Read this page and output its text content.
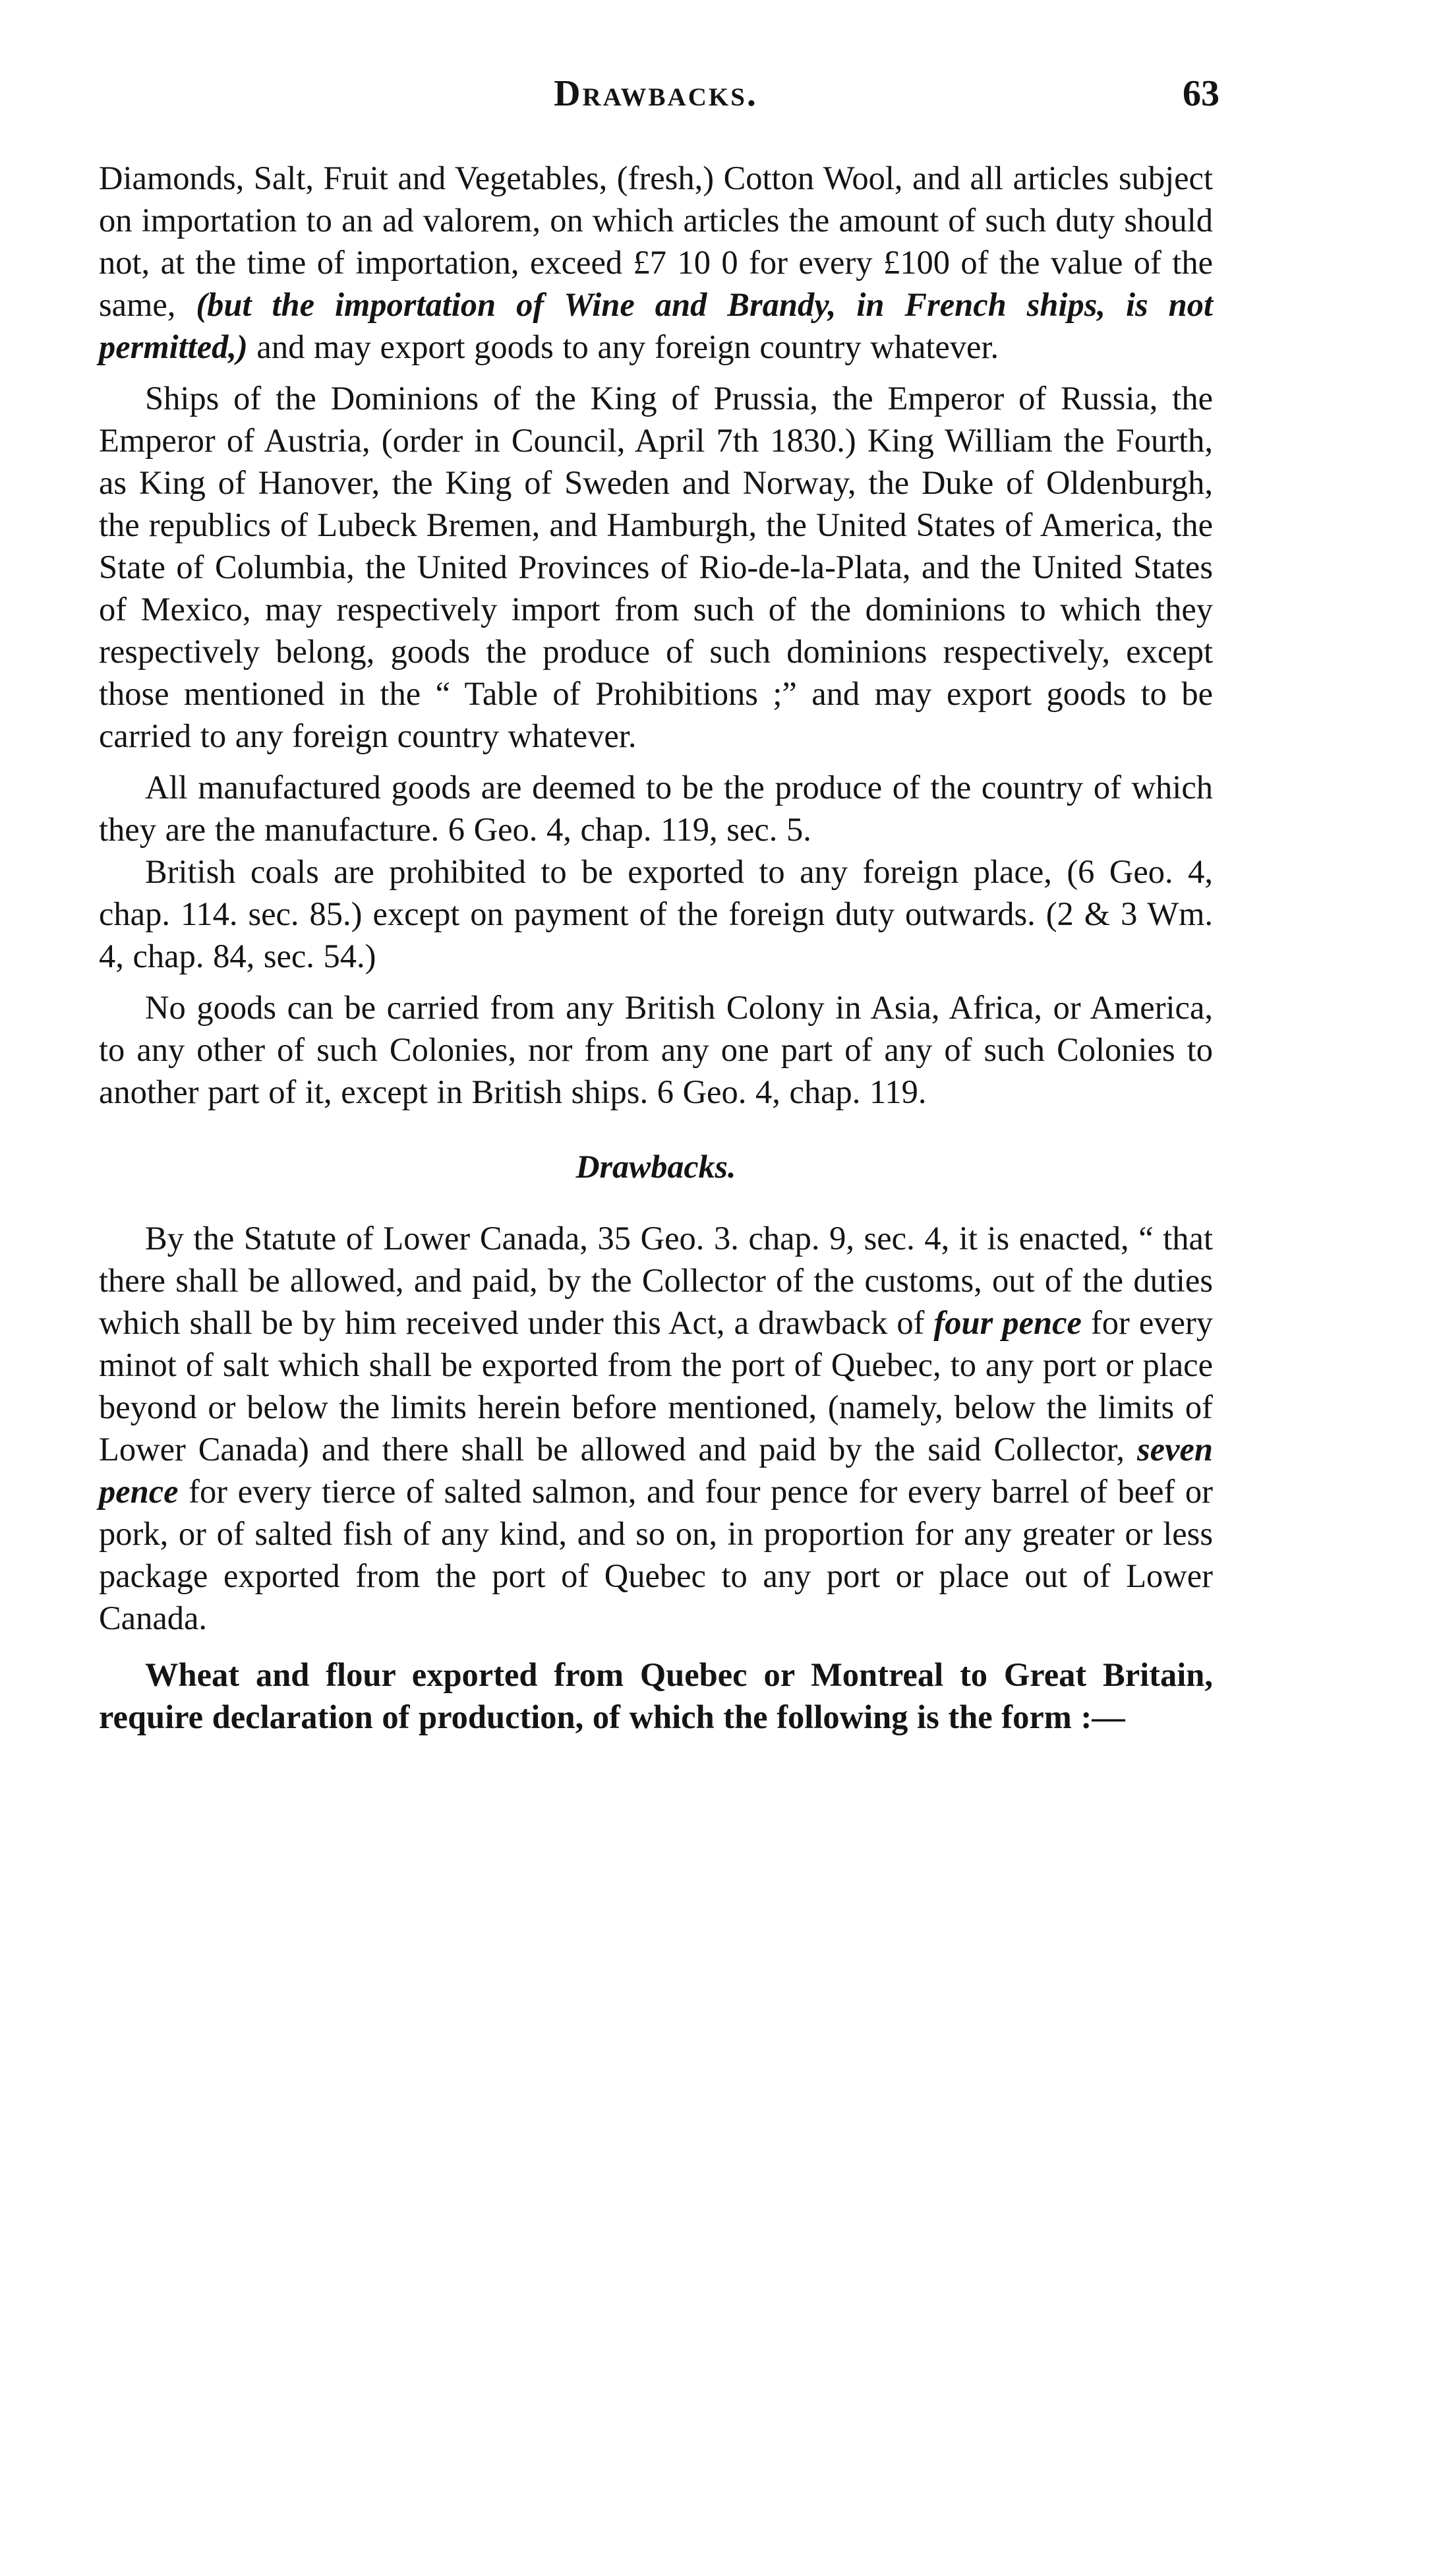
Drawbacks.	63

Diamonds, Salt, Fruit and Vegetables, (fresh,) Cotton Wool, and all articles subject on importation to an ad valorem, on which articles the amount of such duty should not, at the time of importation, exceed £7 10 0 for every £100 of the value of the same, (but the importation of Wine and Brandy, in French ships, is not permitted,) and may export goods to any foreign country whatever.

Ships of the Dominions of the King of Prussia, the Emperor of Russia, the Emperor of Austria, (order in Council, April 7th 1830.) King William the Fourth, as King of Hanover, the King of Sweden and Norway, the Duke of Oldenburgh, the republics of Lubeck Bremen, and Hamburgh, the United States of America, the State of Columbia, the United Provinces of Rio-de-la-Plata, and the United States of Mexico, may respectively import from such of the dominions to which they respectively belong, goods the produce of such dominions respectively, except those mentioned in the “ Table of Prohibitions ;” and may export goods to be carried to any foreign country whatever.

All manufactured goods are deemed to be the produce of the country of which they are the manufacture. 6 Geo. 4, chap. 119, sec. 5.

British coals are prohibited to be exported to any foreign place, (6 Geo. 4, chap. 114. sec. 85.) except on payment of the foreign duty outwards. (2 & 3 Wm. 4, chap. 84, sec. 54.)

No goods can be carried from any British Colony in Asia, Africa, or America, to any other of such Colonies, nor from any one part of any of such Colonies to another part of it, except in British ships. 6 Geo. 4, chap. 119.

Drawbacks.

By the Statute of Lower Canada, 35 Geo. 3. chap. 9, sec. 4, it is enacted, “ that there shall be allowed, and paid, by the Collector of the customs, out of the duties which shall be by him received under this Act, a drawback of four pence for every minot of salt which shall be exported from the port of Quebec, to any port or place beyond or below the limits herein before mentioned, (namely, below the limits of Lower Canada) and there shall be allowed and paid by the said Collector, seven pence for every tierce of salted salmon, and four pence for every barrel of beef or pork, or of salted fish of any kind, and so on, in proportion for any greater or less package exported from the port of Quebec to any port or place out of Lower Canada.

Wheat and flour exported from Quebec or Montreal to Great Britain, require declaration of production, of which the following is the form :—
